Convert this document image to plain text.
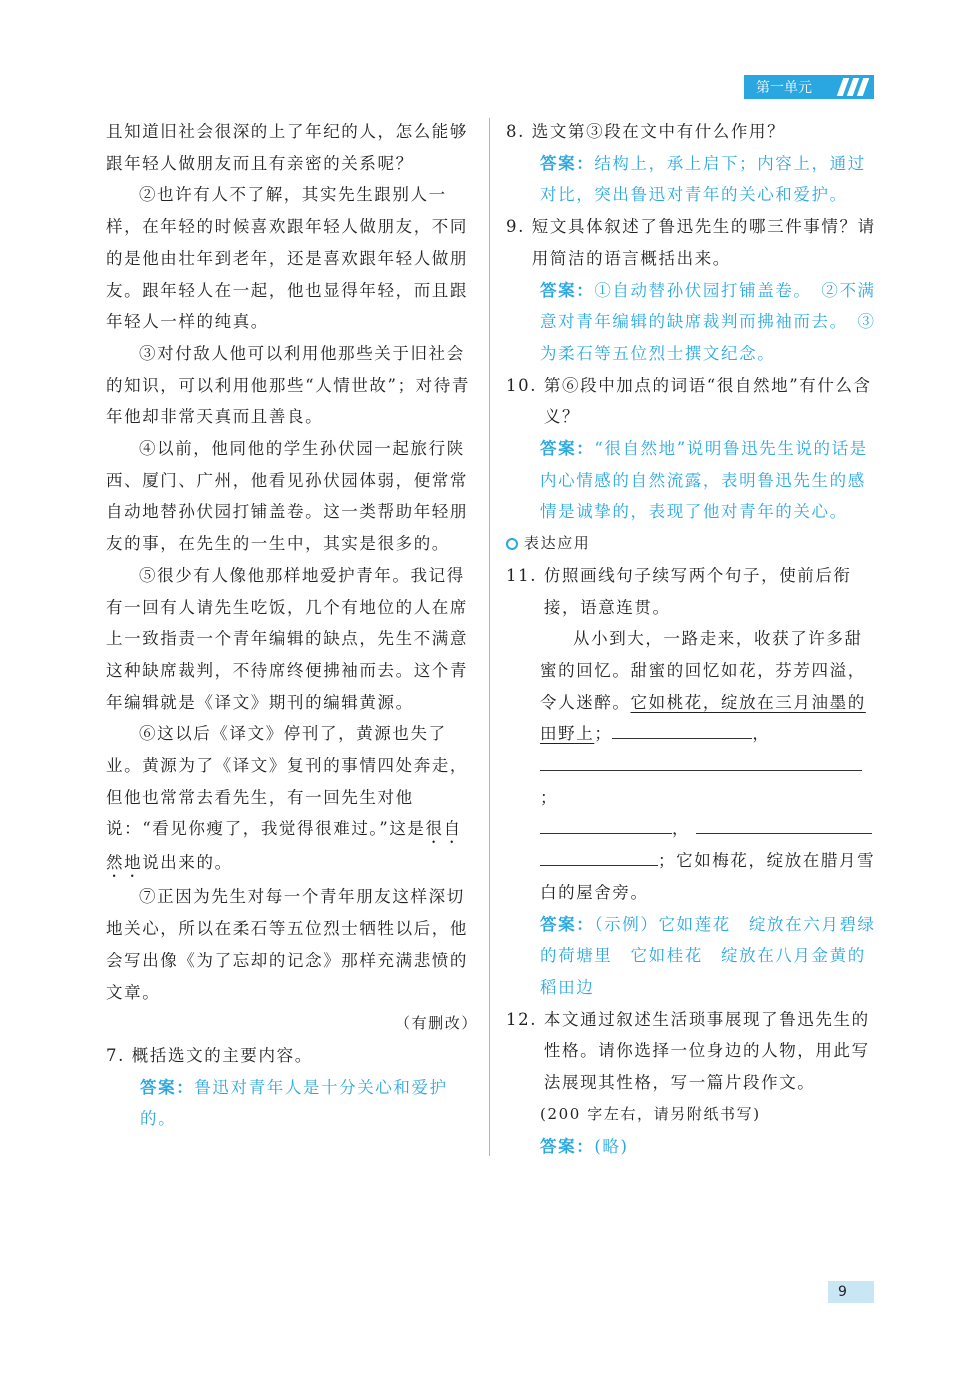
第一单元

且知道旧社会很深的上了年纪的人，怎么能够跟年轻人做朋友而且有亲密的关系呢？

②也许有人不了解，其实先生跟别人一样，在年轻的时候喜欢跟年轻人做朋友，不同的是他由壮年到老年，还是喜欢跟年轻人做朋友。跟年轻人在一起，他也显得年轻，而且跟年轻人一样的纯真。

③对付敌人他可以利用他那些关于旧社会的知识，可以利用他那些“人情世故”；对待青年他却非常天真而且善良。

④以前，他同他的学生孙伏园一起旅行陕西、厦门、广州，他看见孙伏园体弱，便常常自动地替孙伏园打铺盖卷。这一类帮助年轻朋友的事，在先生的一生中，其实是很多的。

⑤很少有人像他那样地爱护青年。我记得有一回有人请先生吃饭，几个有地位的人在席上一致指责一个青年编辑的缺点，先生不满意这种缺席裁判，不待席终便拂袖而去。这个青年编辑就是《译文》期刊的编辑黄源。

⑥这以后《译文》停刊了，黄源也失了业。黄源为了《译文》复刊的事情四处奔走，但他也常常去看先生，有一回先生对他说：“看见你瘦了，我觉得很难过。”这是很自然地说出来的。

⑦正因为先生对每一个青年朋友这样深切地关心，所以在柔石等五位烈士牺牲以后，他会写出像《为了忘却的记念》那样充满悲愤的文章。

（有删改）

7. 概括选文的主要内容。

答案：鲁迅对青年人是十分关心和爱护的。

8. 选文第③段在文中有什么作用？

答案：结构上，承上启下；内容上，通过对比，突出鲁迅对青年的关心和爱护。

9. 短文具体叙述了鲁迅先生的哪三件事情？请用简洁的语言概括出来。

答案：①自动替孙伏园打铺盖卷。　②不满意对青年编辑的缺席裁判而拂袖而去。　③为柔石等五位烈士撰文纪念。

10. 第⑥段中加点的词语“很自然地”有什么含义？

答案：“很自然地”说明鲁迅先生说的话是内心情感的自然流露，表明鲁迅先生的感情是诚挚的，表现了他对青年的关心。

表达应用
11. 仿照画线句子续写两个句子，使前后衔接，语意连贯。

从小到大，一路走来，收获了许多甜蜜的回忆。甜蜜的回忆如花，芬芳四溢，令人迷醉。它如桃花，绽放在三月油墨的田野上；	，

；

，

；它如梅花，绽放在腊月雪白的屋舍旁。

答案：（示例）它如莲花　绽放在六月碧绿的荷塘里　它如桂花　绽放在八月金黄的稻田边

12. 本文通过叙述生活琐事展现了鲁迅先生的性格。请你选择一位身边的人物，用此写法展现其性格，写一篇片段作文。

(200 字左右，请另附纸书写)

答案：(略)

9
